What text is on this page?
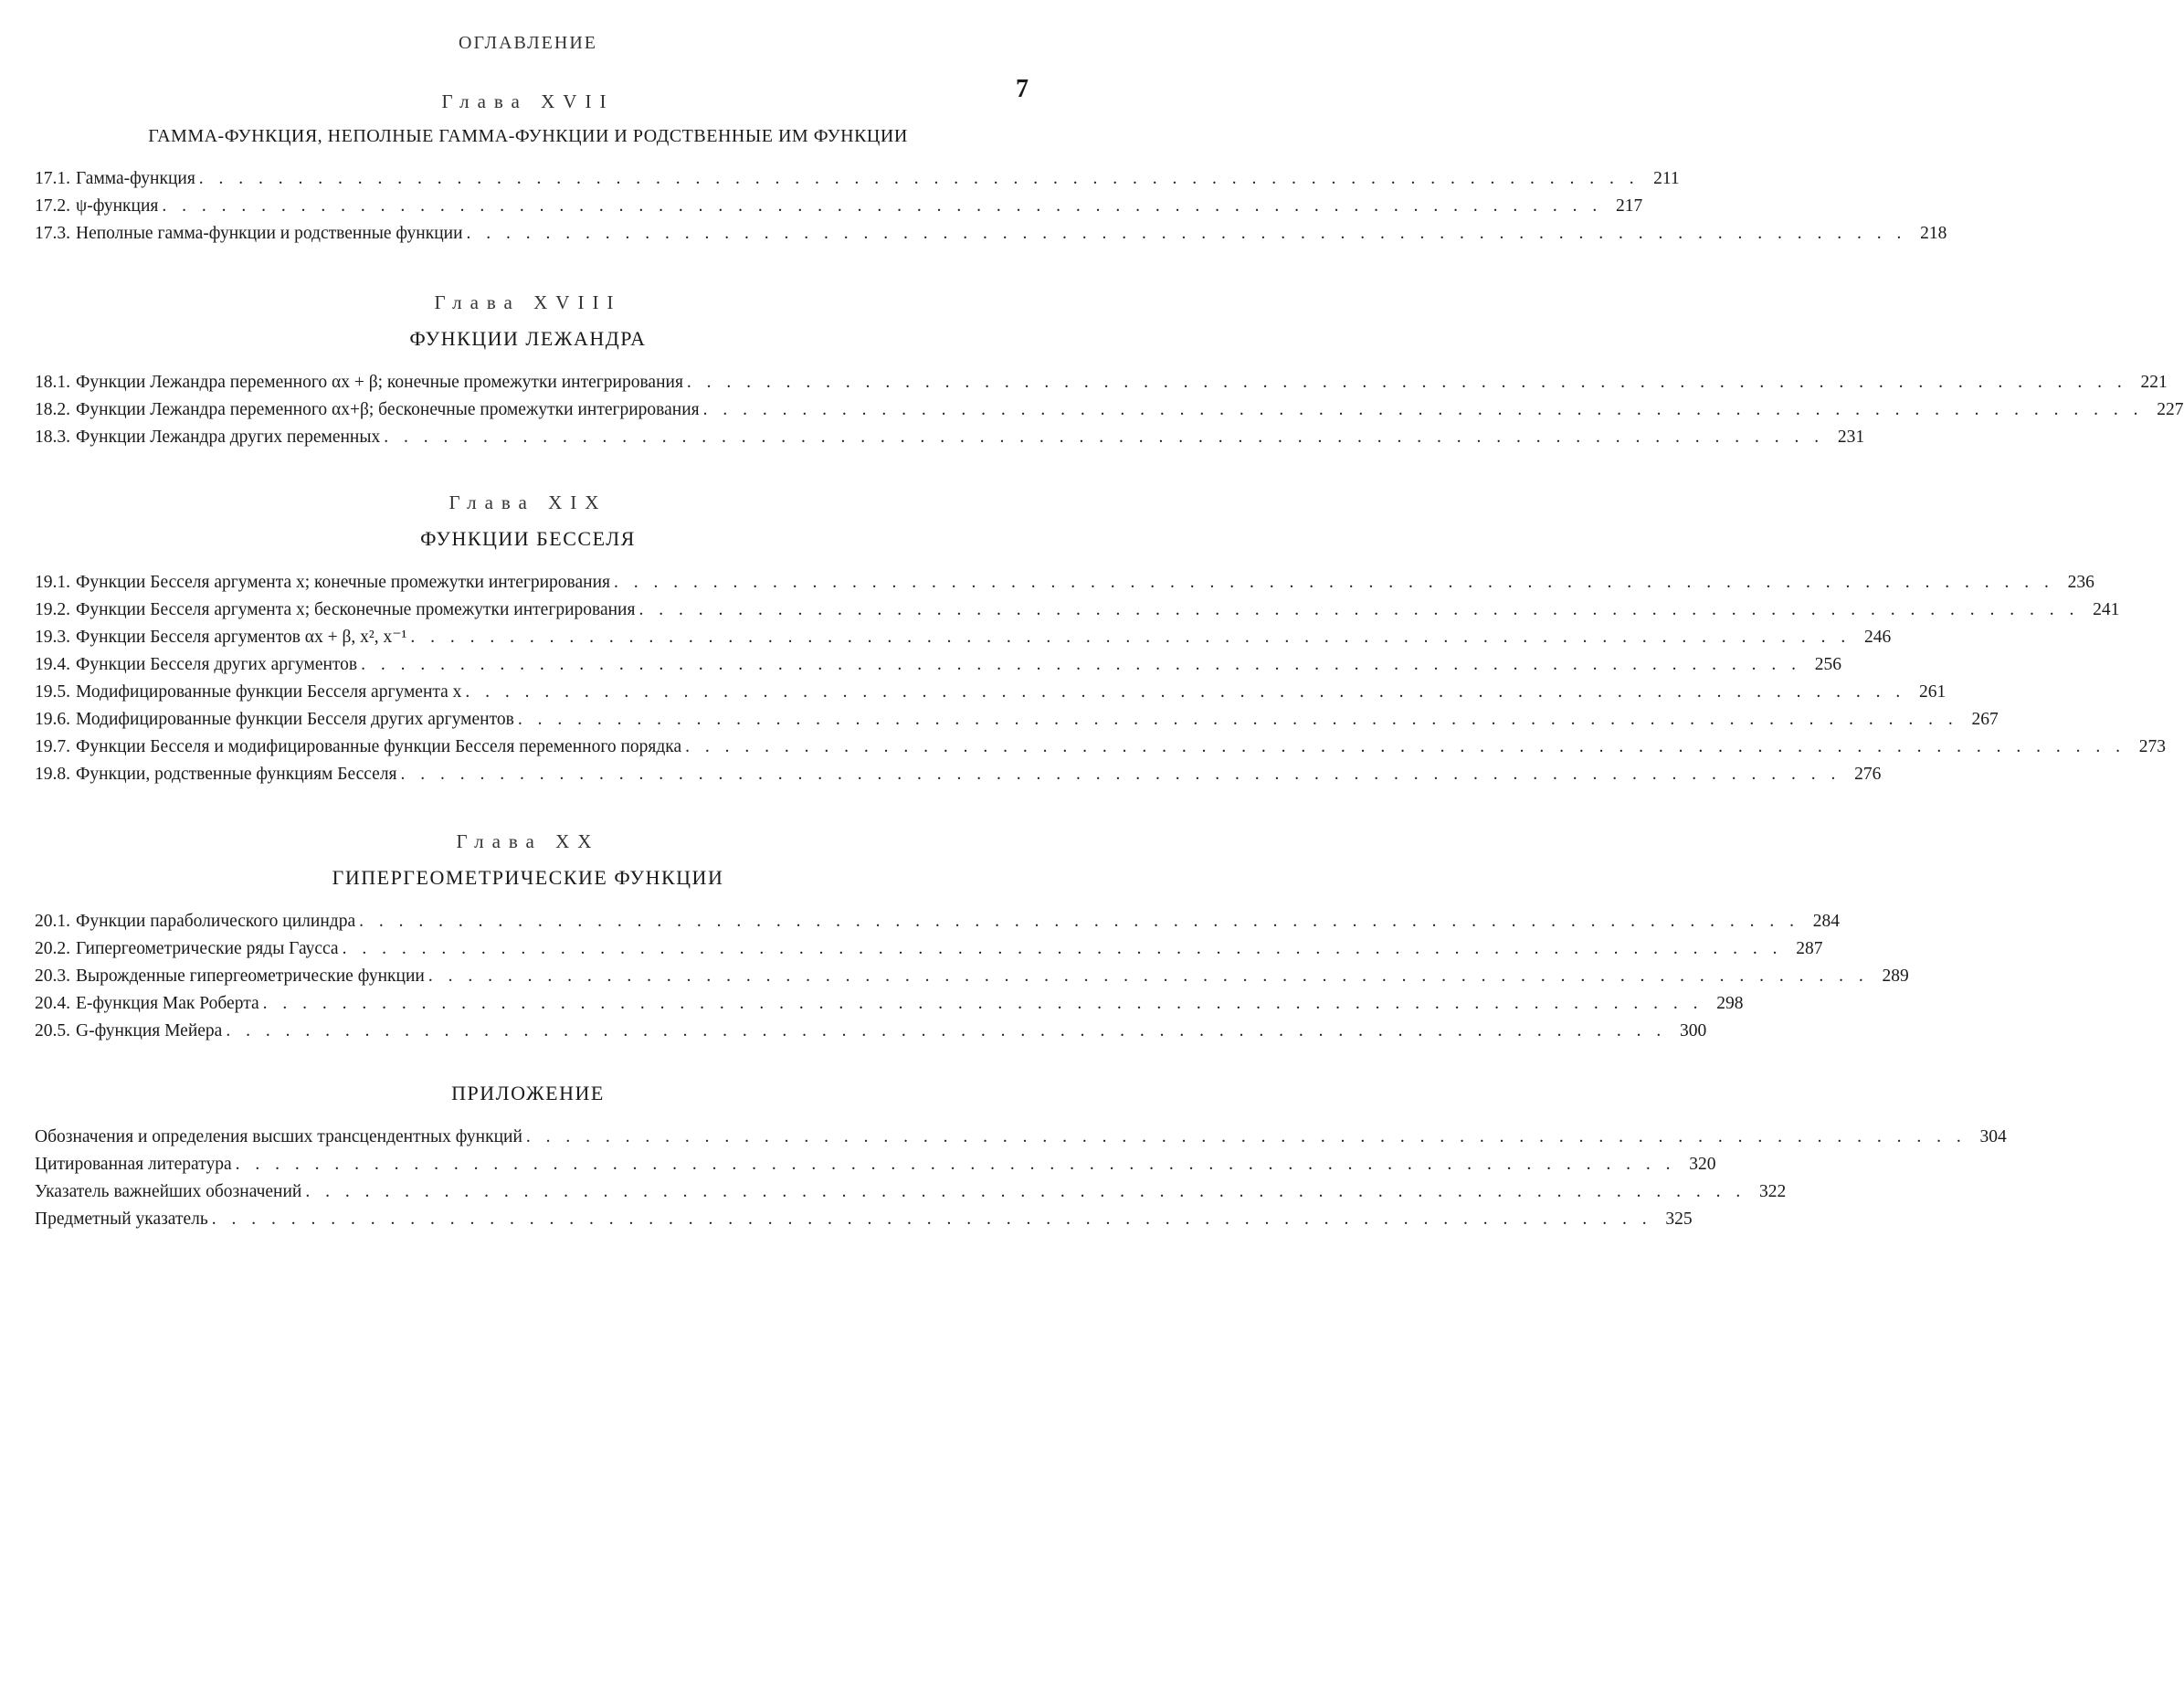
ОГЛАВЛЕНИЕ
7
Глава XVII
ГАММА-ФУНКЦИЯ, НЕПОЛНЫЕ ГАММА-ФУНКЦИИ И РОДСТВЕННЫЕ ИМ ФУНКЦИИ
17.1. Гамма-функция
. . .	211
17.2. ψ-функция
. . .	217
17.3. Неполные гамма-функции и родственные функции
. . .	218
Глава XVIII
ФУНКЦИИ ЛЕЖАНДРА
18.1. Функции Лежандра переменного αx + β; конечные промежутки интегрирования
. . .	221
18.2. Функции Лежандра переменного αx+β; бесконечные промежутки интегрирования
. . .	227
18.3. Функции Лежандра других переменных
. . .	231
Глава XIX
ФУНКЦИИ БЕССЕЛЯ
19.1. Функции Бесселя аргумента x; конечные промежутки интегрирования
. . .	236
19.2. Функции Бесселя аргумента x; бесконечные промежутки интегрирования
. . .	241
19.3. Функции Бесселя аргументов αx + β, x², x⁻¹
. . .	246
19.4. Функции Бесселя других аргументов
. . .	256
19.5. Модифицированные функции Бесселя аргумента x
. . .	261
19.6. Модифицированные функции Бесселя других аргументов
. . .	267
19.7. Функции Бесселя и модифицированные функции Бесселя переменного порядка
. . .	273
19.8. Функции, родственные функциям Бесселя
. . .	276
Глава XX
ГИПЕРГЕОМЕТРИЧЕСКИЕ ФУНКЦИИ
20.1. Функции параболического цилиндра
. . .	284
20.2. Гипергеометрические ряды Гаусса
. . .	287
20.3. Вырожденные гипергеометрические функции
. . .	289
20.4. E-функция Мак Роберта
. . .	298
20.5. G-функция Мейера
. . .	300
ПРИЛОЖЕНИЕ
Обозначения и определения высших трансцендентных функций
. . .	304
Цитированная литература
. . .	320
Указатель важнейших обозначений
. . .	322
Предметный указатель
. . .	325
